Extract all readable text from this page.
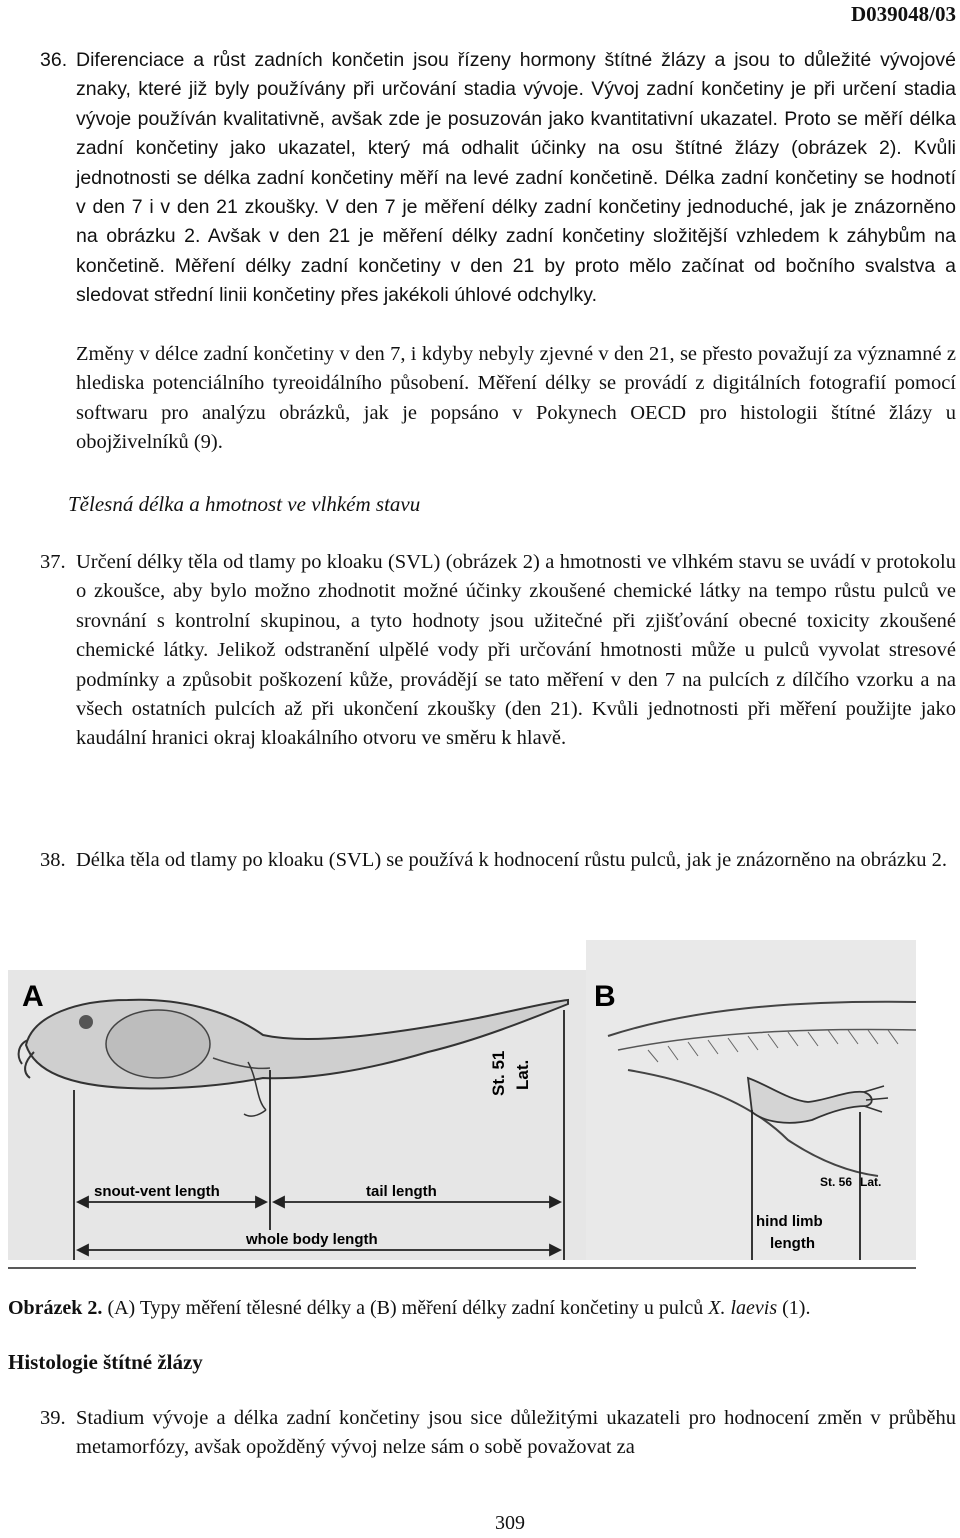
D039048/03
36. Diferenciace a růst zadních končetin jsou řízeny hormony štítné žlázy a jsou to důležité vývojové znaky, které již byly používány při určování stadia vývoje. Vývoj zadní končetiny je při určení stadia vývoje používán kvalitativně, avšak zde je posuzován jako kvantitativní ukazatel. Proto se měří délka zadní končetiny jako ukazatel, který má odhalit účinky na osu štítné žlázy (obrázek 2). Kvůli jednotnosti se délka zadní končetiny měří na levé zadní končetině. Délka zadní končetiny se hodnotí v den 7 i v den 21 zkoušky. V den 7 je měření délky zadní končetiny jednoduché, jak je znázorněno na obrázku 2. Avšak v den 21 je měření délky zadní končetiny složitější vzhledem k záhybům na končetině. Měření délky zadní končetiny v den 21 by proto mělo začínat od bočního svalstva a sledovat střední linii končetiny přes jakékoli úhlové odchylky.
Změny v délce zadní končetiny v den 7, i kdyby nebyly zjevné v den 21, se přesto považují za významné z hlediska potenciálního tyreoidálního působení. Měření délky se provádí z digitálních fotografií pomocí softwaru pro analýzu obrázků, jak je popsáno v Pokynech OECD pro histologii štítné žlázy u obojživelníků (9).
Tělesná délka a hmotnost ve vlhkém stavu
37. Určení délky těla od tlamy po kloaku (SVL) (obrázek 2) a hmotnosti ve vlhkém stavu se uvádí v protokolu o zkoušce, aby bylo možno zhodnotit možné účinky zkoušené chemické látky na tempo růstu pulců ve srovnání s kontrolní skupinou, a tyto hodnoty jsou užitečné při zjišťování obecné toxicity zkoušené chemické látky. Jelikož odstranění ulpělé vody při určování hmotnosti může u pulců vyvolat stresové podmínky a způsobit poškození kůže, provádějí se tato měření v den 7 na pulcích z dílčího vzorku a na všech ostatních pulcích až při ukončení zkoušky (den 21). Kvůli jednotnosti při měření použijte jako kaudální hranici okraj kloakálního otvoru ve směru k hlavě.
38. Délka těla od tlamy po kloaku (SVL) se používá k hodnocení růstu pulců, jak je znázorněno na obrázku 2.
A	B
St. 51 Lat.
snout-vent length	tail length
whole body length
St. 56 Lat.
hind limb
length
Obrázek 2. (A) Typy měření tělesné délky a (B) měření délky zadní končetiny u pulců X. laevis (1).
Histologie štítné žlázy
39. Stadium vývoje a délka zadní končetiny jsou sice důležitými ukazateli pro hodnocení změn v průběhu metamorfózy, avšak opožděný vývoj nelze sám o sobě považovat za
309
